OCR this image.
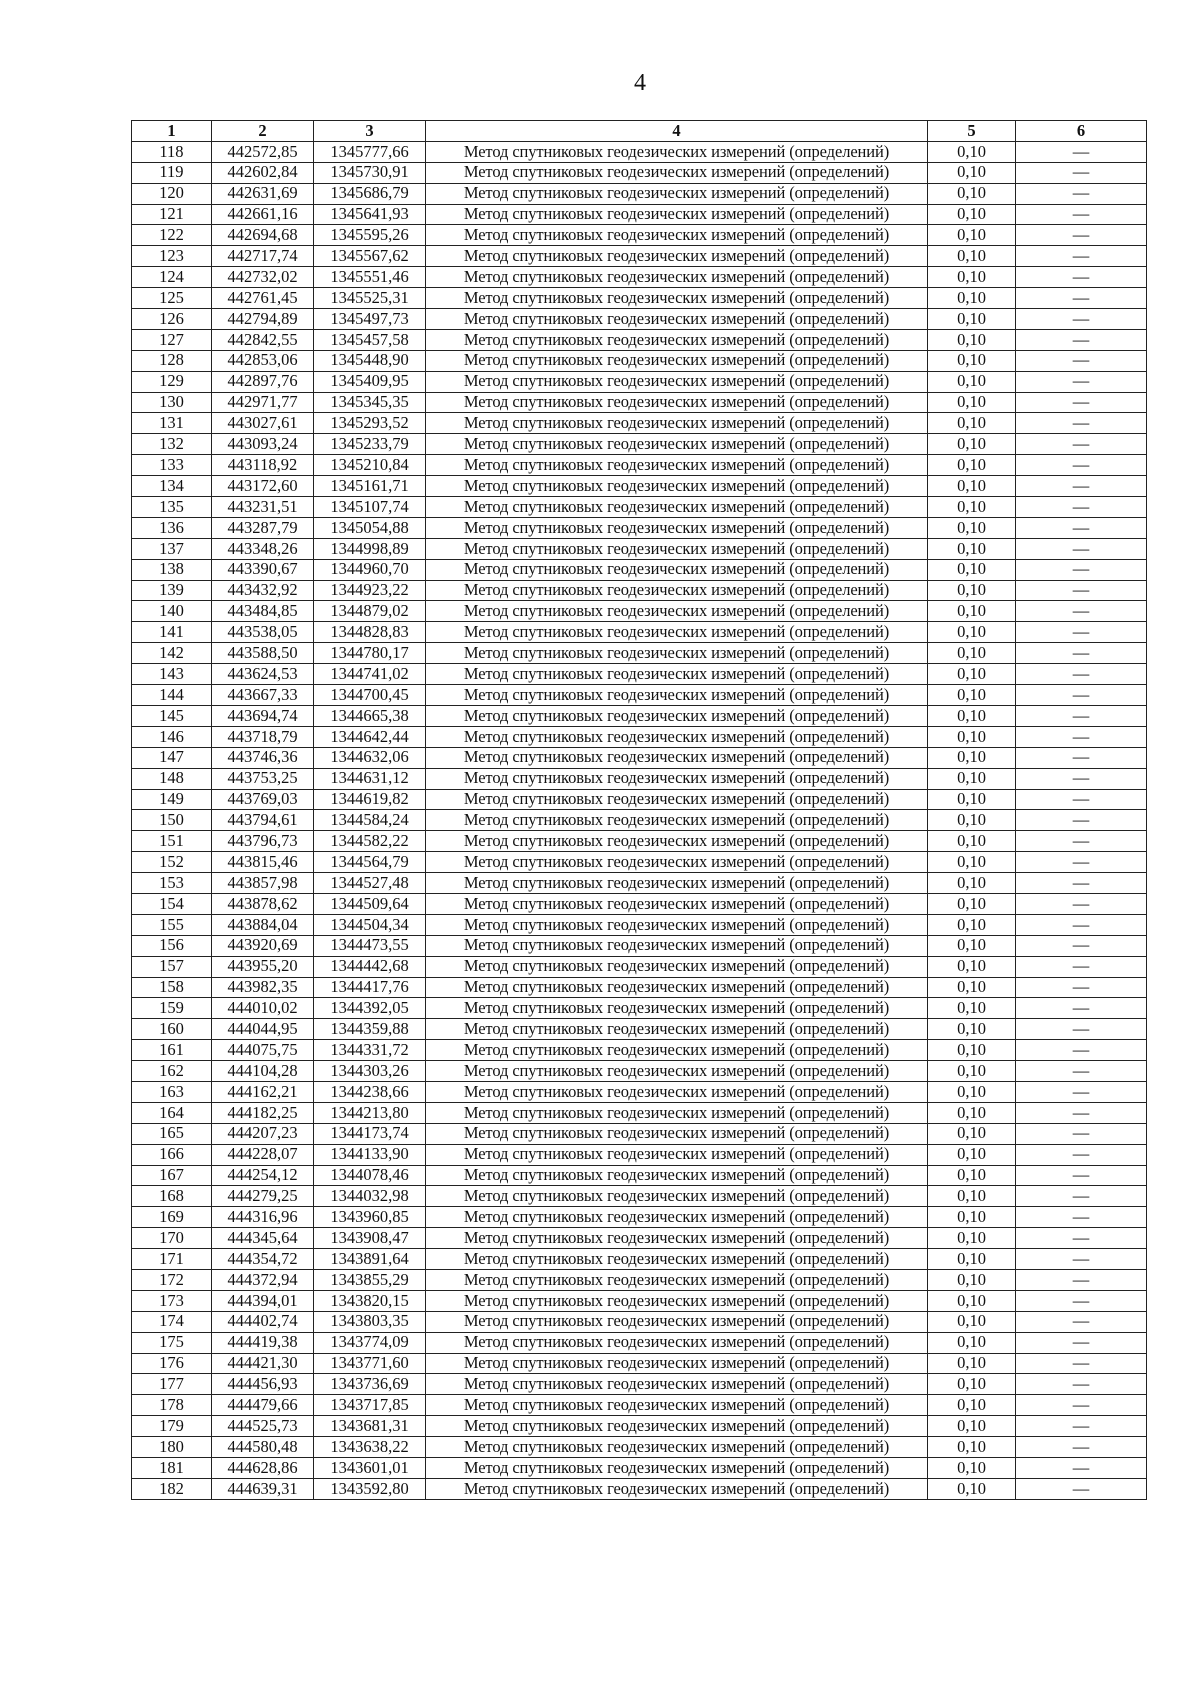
4
1	2	3	4	5	6
118	442572,85	1345777,66	Метод спутниковых геодезических измерений (определений)	0,10	—
119	442602,84	1345730,91	Метод спутниковых геодезических измерений (определений)	0,10	—
120	442631,69	1345686,79	Метод спутниковых геодезических измерений (определений)	0,10	—
121	442661,16	1345641,93	Метод спутниковых геодезических измерений (определений)	0,10	—
122	442694,68	1345595,26	Метод спутниковых геодезических измерений (определений)	0,10	—
123	442717,74	1345567,62	Метод спутниковых геодезических измерений (определений)	0,10	—
124	442732,02	1345551,46	Метод спутниковых геодезических измерений (определений)	0,10	—
125	442761,45	1345525,31	Метод спутниковых геодезических измерений (определений)	0,10	—
126	442794,89	1345497,73	Метод спутниковых геодезических измерений (определений)	0,10	—
127	442842,55	1345457,58	Метод спутниковых геодезических измерений (определений)	0,10	—
128	442853,06	1345448,90	Метод спутниковых геодезических измерений (определений)	0,10	—
129	442897,76	1345409,95	Метод спутниковых геодезических измерений (определений)	0,10	—
130	442971,77	1345345,35	Метод спутниковых геодезических измерений (определений)	0,10	—
131	443027,61	1345293,52	Метод спутниковых геодезических измерений (определений)	0,10	—
132	443093,24	1345233,79	Метод спутниковых геодезических измерений (определений)	0,10	—
133	443118,92	1345210,84	Метод спутниковых геодезических измерений (определений)	0,10	—
134	443172,60	1345161,71	Метод спутниковых геодезических измерений (определений)	0,10	—
135	443231,51	1345107,74	Метод спутниковых геодезических измерений (определений)	0,10	—
136	443287,79	1345054,88	Метод спутниковых геодезических измерений (определений)	0,10	—
137	443348,26	1344998,89	Метод спутниковых геодезических измерений (определений)	0,10	—
138	443390,67	1344960,70	Метод спутниковых геодезических измерений (определений)	0,10	—
139	443432,92	1344923,22	Метод спутниковых геодезических измерений (определений)	0,10	—
140	443484,85	1344879,02	Метод спутниковых геодезических измерений (определений)	0,10	—
141	443538,05	1344828,83	Метод спутниковых геодезических измерений (определений)	0,10	—
142	443588,50	1344780,17	Метод спутниковых геодезических измерений (определений)	0,10	—
143	443624,53	1344741,02	Метод спутниковых геодезических измерений (определений)	0,10	—
144	443667,33	1344700,45	Метод спутниковых геодезических измерений (определений)	0,10	—
145	443694,74	1344665,38	Метод спутниковых геодезических измерений (определений)	0,10	—
146	443718,79	1344642,44	Метод спутниковых геодезических измерений (определений)	0,10	—
147	443746,36	1344632,06	Метод спутниковых геодезических измерений (определений)	0,10	—
148	443753,25	1344631,12	Метод спутниковых геодезических измерений (определений)	0,10	—
149	443769,03	1344619,82	Метод спутниковых геодезических измерений (определений)	0,10	—
150	443794,61	1344584,24	Метод спутниковых геодезических измерений (определений)	0,10	—
151	443796,73	1344582,22	Метод спутниковых геодезических измерений (определений)	0,10	—
152	443815,46	1344564,79	Метод спутниковых геодезических измерений (определений)	0,10	—
153	443857,98	1344527,48	Метод спутниковых геодезических измерений (определений)	0,10	—
154	443878,62	1344509,64	Метод спутниковых геодезических измерений (определений)	0,10	—
155	443884,04	1344504,34	Метод спутниковых геодезических измерений (определений)	0,10	—
156	443920,69	1344473,55	Метод спутниковых геодезических измерений (определений)	0,10	—
157	443955,20	1344442,68	Метод спутниковых геодезических измерений (определений)	0,10	—
158	443982,35	1344417,76	Метод спутниковых геодезических измерений (определений)	0,10	—
159	444010,02	1344392,05	Метод спутниковых геодезических измерений (определений)	0,10	—
160	444044,95	1344359,88	Метод спутниковых геодезических измерений (определений)	0,10	—
161	444075,75	1344331,72	Метод спутниковых геодезических измерений (определений)	0,10	—
162	444104,28	1344303,26	Метод спутниковых геодезических измерений (определений)	0,10	—
163	444162,21	1344238,66	Метод спутниковых геодезических измерений (определений)	0,10	—
164	444182,25	1344213,80	Метод спутниковых геодезических измерений (определений)	0,10	—
165	444207,23	1344173,74	Метод спутниковых геодезических измерений (определений)	0,10	—
166	444228,07	1344133,90	Метод спутниковых геодезических измерений (определений)	0,10	—
167	444254,12	1344078,46	Метод спутниковых геодезических измерений (определений)	0,10	—
168	444279,25	1344032,98	Метод спутниковых геодезических измерений (определений)	0,10	—
169	444316,96	1343960,85	Метод спутниковых геодезических измерений (определений)	0,10	—
170	444345,64	1343908,47	Метод спутниковых геодезических измерений (определений)	0,10	—
171	444354,72	1343891,64	Метод спутниковых геодезических измерений (определений)	0,10	—
172	444372,94	1343855,29	Метод спутниковых геодезических измерений (определений)	0,10	—
173	444394,01	1343820,15	Метод спутниковых геодезических измерений (определений)	0,10	—
174	444402,74	1343803,35	Метод спутниковых геодезических измерений (определений)	0,10	—
175	444419,38	1343774,09	Метод спутниковых геодезических измерений (определений)	0,10	—
176	444421,30	1343771,60	Метод спутниковых геодезических измерений (определений)	0,10	—
177	444456,93	1343736,69	Метод спутниковых геодезических измерений (определений)	0,10	—
178	444479,66	1343717,85	Метод спутниковых геодезических измерений (определений)	0,10	—
179	444525,73	1343681,31	Метод спутниковых геодезических измерений (определений)	0,10	—
180	444580,48	1343638,22	Метод спутниковых геодезических измерений (определений)	0,10	—
181	444628,86	1343601,01	Метод спутниковых геодезических измерений (определений)	0,10	—
182	444639,31	1343592,80	Метод спутниковых геодезических измерений (определений)	0,10	—
